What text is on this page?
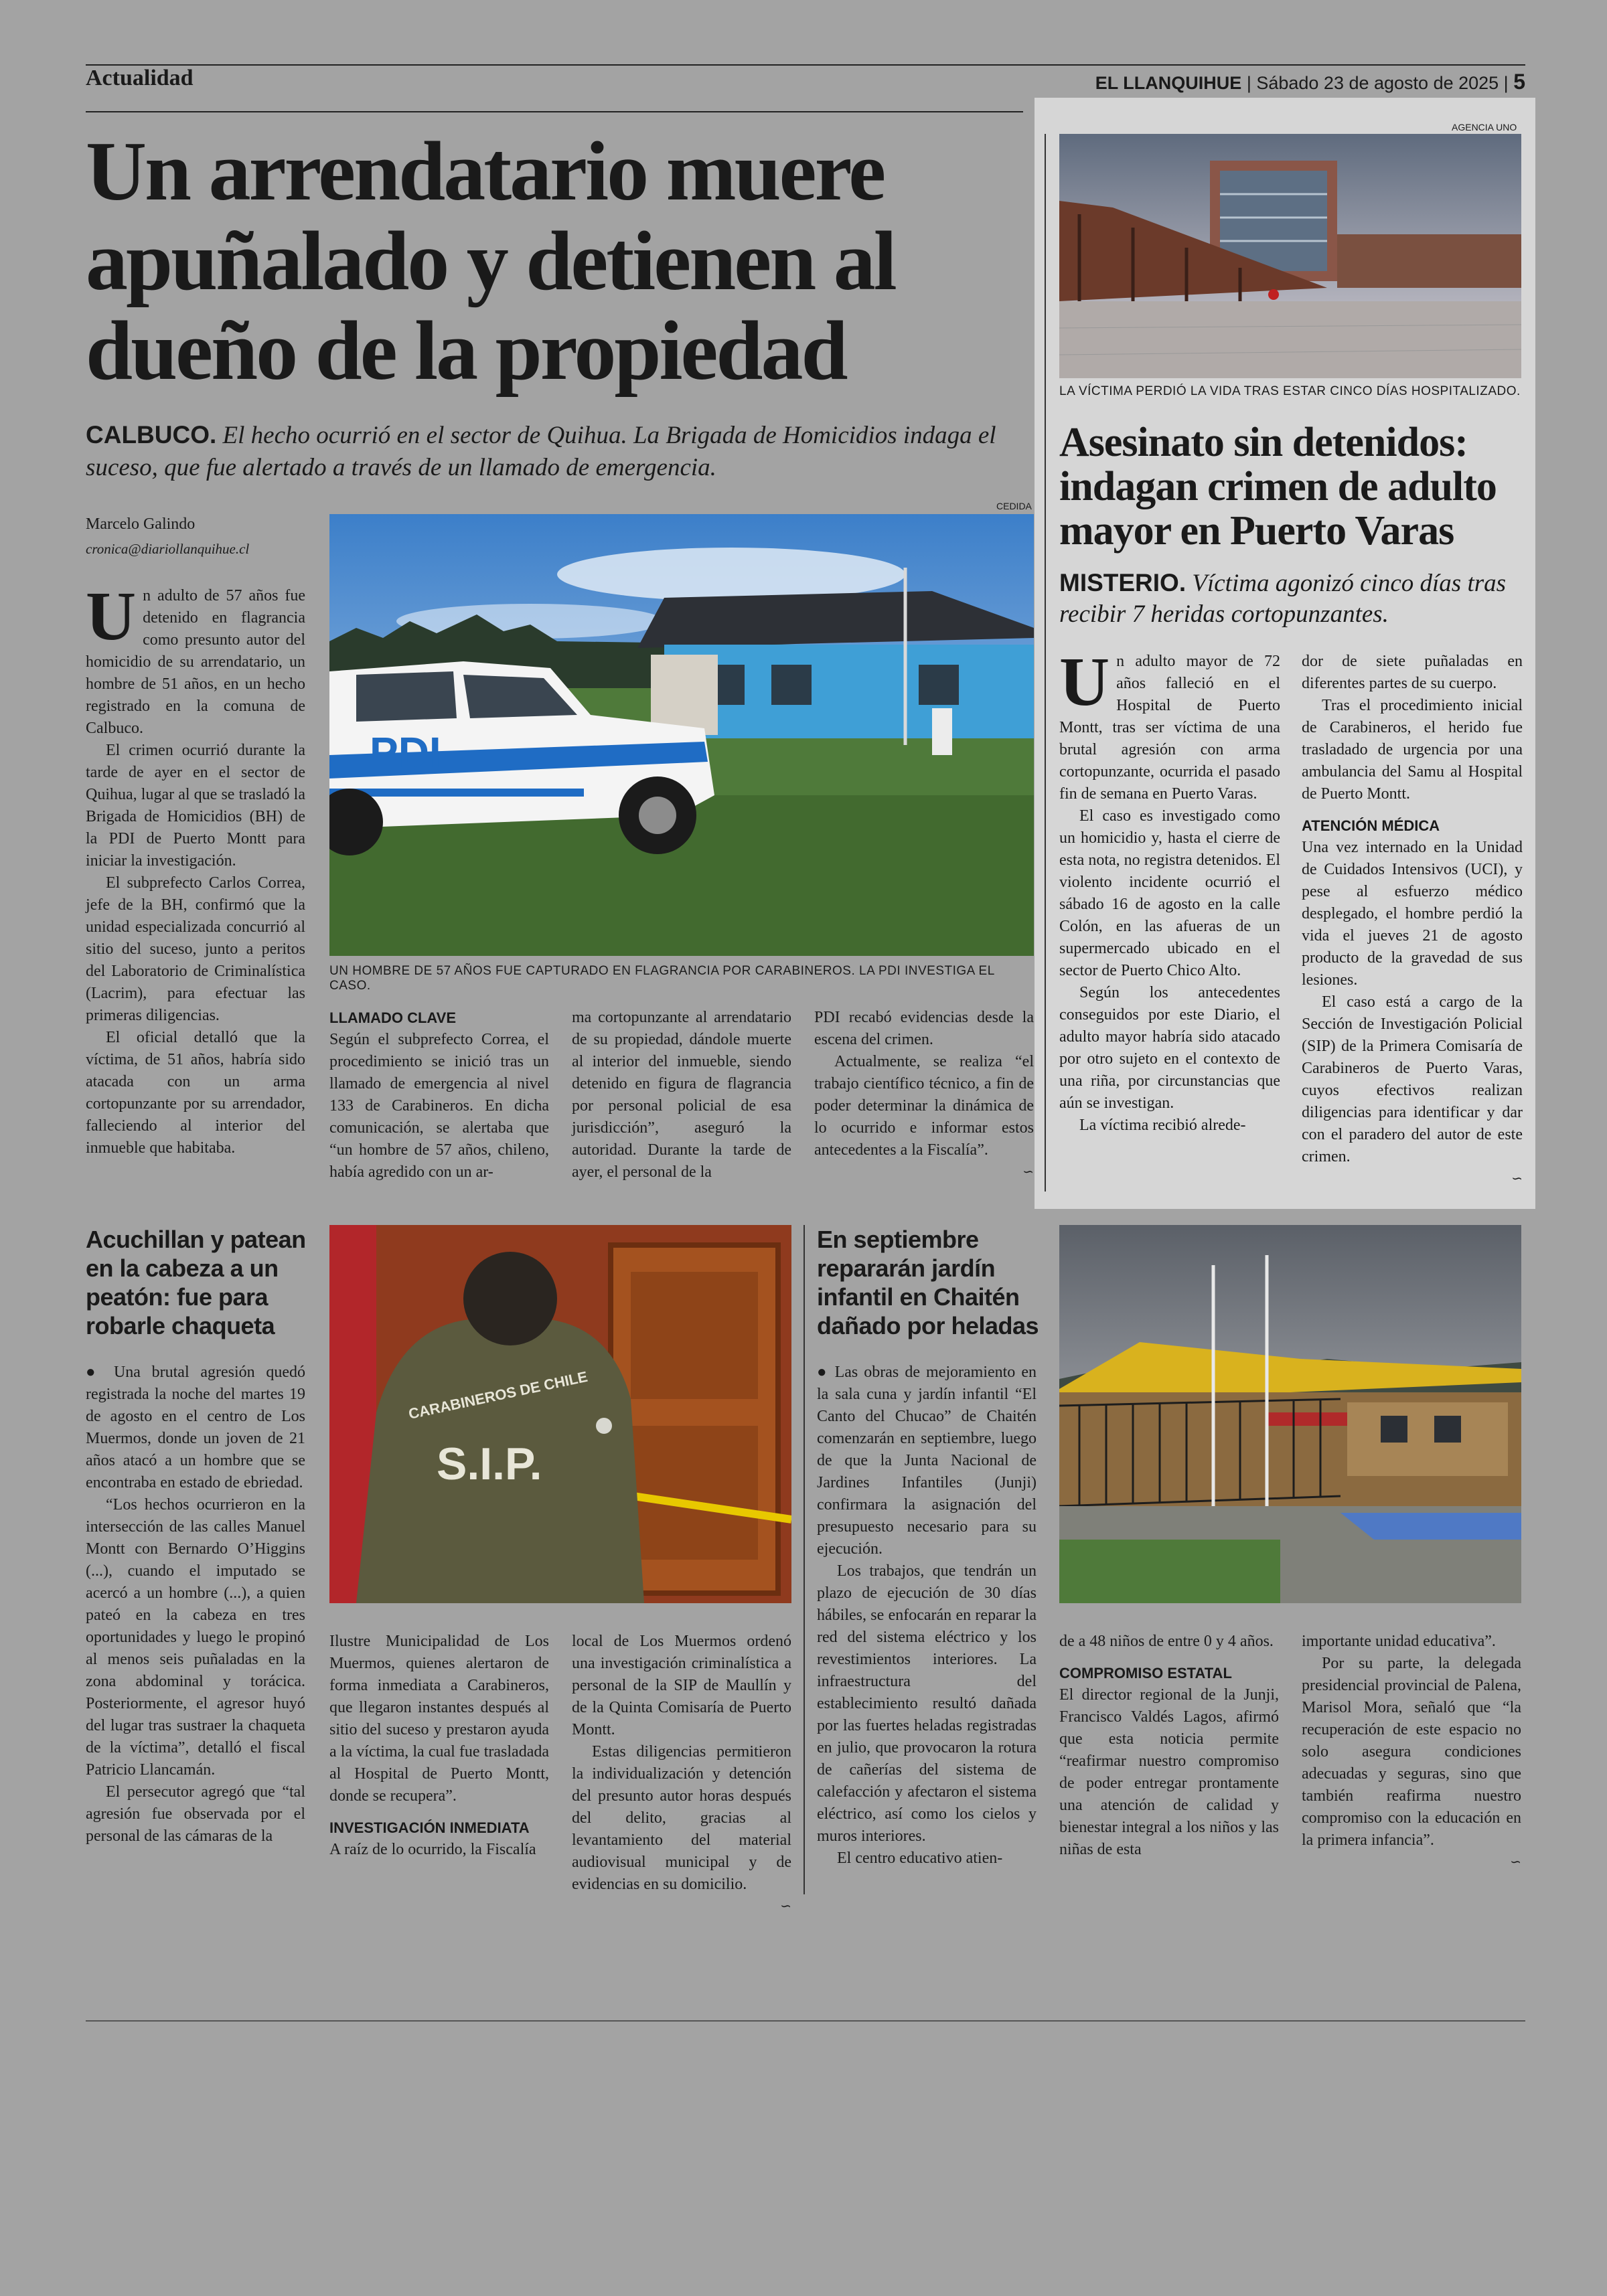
Actualidad	EL LLANQUIHUE | Sábado 23 de agosto de 2025 | 5
Un arrendatario muere apuñalado y detienen al dueño de la propiedad
CALBUCO. El hecho ocurrió en el sector de Quihua. La Brigada de Homicidios indaga el suceso, que fue alertado a través de un llamado de emergencia.
Marcelo Galindo
cronica@diariollanquihue.cl
CEDIDA
PDI
UN HOMBRE DE 57 AÑOS FUE CAPTURADO EN FLAGRANCIA POR CARABINEROS. LA PDI INVESTIGA EL CASO.

Un adulto de 57 años fue detenido en flagrancia como presunto autor del homicidio de su arrendatario, un hombre de 51 años, en un hecho registrado en la comuna de Calbuco.

El crimen ocurrió durante la tarde de ayer en el sector de Quihua, lugar al que se trasladó la Brigada de Homicidios (BH) de la PDI de Puerto Montt para iniciar la investigación.

El subprefecto Carlos Correa, jefe de la BH, confirmó que la unidad especializada concurrió al sitio del suceso, junto a peritos del Laboratorio de Criminalística (Lacrim), para efectuar las primeras diligencias.

El oficial detalló que la víctima, de 51 años, habría sido atacada con un arma cortopunzante por su arrendador, falleciendo al interior del inmueble que habitaba.

LLAMADO CLAVE

Según el subprefecto Correa, el procedimiento se inició tras un llamado de emergencia al nivel 133 de Carabineros. En dicha comunicación, se alertaba que “un hombre de 57 años, chileno, había agredido con un ar-

ma cortopunzante al arrendatario de su propiedad, dándole muerte al interior del inmueble, siendo detenido en figura de flagrancia por personal policial de esa jurisdicción”, aseguró la autoridad. Durante la tarde de ayer, el personal de la

PDI recabó evidencias desde la escena del crimen.

Actualmente, se realiza “el trabajo científico técnico, a fin de poder determinar la dinámica de lo ocurrido e informar estos antecedentes a la Fiscalía”.

∽
AGENCIA UNO
LA VÍCTIMA PERDIÓ LA VIDA TRAS ESTAR CINCO DÍAS HOSPITALIZADO.
Asesinato sin detenidos: indagan crimen de adulto mayor en Puerto Varas
MISTERIO. Víctima agonizó cinco días tras recibir 7 heridas cortopunzantes.

Un adulto mayor de 72 años falleció en el Hospital de Puerto Montt, tras ser víctima de una brutal agresión con arma cortopunzante, ocurrida el pasado fin de semana en Puerto Varas.

El caso es investigado como un homicidio y, hasta el cierre de esta nota, no registra detenidos. El violento incidente ocurrió el sábado 16 de agosto en la calle Colón, en las afueras de un supermercado ubicado en el sector de Puerto Chico Alto.

Según los antecedentes conseguidos por este Diario, el adulto mayor habría sido atacado por otro sujeto en el contexto de una riña, por circunstancias que aún se investigan.

La víctima recibió alrede-

dor de siete puñaladas en diferentes partes de su cuerpo.

Tras el procedimiento inicial de Carabineros, el herido fue trasladado de urgencia por una ambulancia del Samu al Hospital de Puerto Montt.

ATENCIÓN MÉDICA

Una vez internado en la Unidad de Cuidados Intensivos (UCI), y pese al esfuerzo médico desplegado, el hombre perdió la vida el jueves 21 de agosto producto de la gravedad de sus lesiones.

El caso está a cargo de la Sección de Investigación Policial (SIP) de la Primera Comisaría de Carabineros de Puerto Varas, cuyos efectivos realizan diligencias para identificar y dar con el paradero del autor de este crimen.

∽
Acuchillan y patean en la cabeza a un peatón: fue para robarle chaqueta
CARABINEROS DE CHILE
S.I.P.

● Una brutal agresión quedó registrada la noche del martes 19 de agosto en el centro de Los Muermos, donde un joven de 21 años atacó a un hombre que se encontraba en estado de ebriedad.

“Los hechos ocurrieron en la intersección de las calles Manuel Montt con Bernardo O’Higgins (...), cuando el imputado se acercó a un hombre (...), a quien pateó en la cabeza en tres oportunidades y luego le propinó al menos seis puñaladas en la zona abdominal y torácica. Posteriormente, el agresor huyó del lugar tras sustraer la chaqueta de la víctima”, detalló el fiscal Patricio Llancamán.

El persecutor agregó que “tal agresión fue observada por el personal de las cámaras de la

Ilustre Municipalidad de Los Muermos, quienes alertaron de forma inmediata a Carabineros, que llegaron instantes después al sitio del suceso y prestaron ayuda a la víctima, la cual fue trasladada al Hospital de Puerto Montt, donde se recupera”.

INVESTIGACIÓN INMEDIATA

A raíz de lo ocurrido, la Fiscalía

local de Los Muermos ordenó una investigación criminalística a personal de la SIP de Maullín y de la Quinta Comisaría de Puerto Montt.

Estas diligencias permitieron la individualización y detención del presunto autor horas después del delito, gracias al levantamiento del material audiovisual municipal y de evidencias en su domicilio.

∽
En septiembre repararán jardín infantil en Chaitén dañado por heladas

● Las obras de mejoramiento en la sala cuna y jardín infantil “El Canto del Chucao” de Chaitén comenzarán en septiembre, luego de que la Junta Nacional de Jardines Infantiles (Junji) confirmara la asignación del presupuesto necesario para su ejecución.

Los trabajos, que tendrán un plazo de ejecución de 30 días hábiles, se enfocarán en reparar la red del sistema eléctrico y los revestimientos interiores. La infraestructura del establecimiento resultó dañada por las fuertes heladas registradas en julio, que provocaron la rotura de cañerías del sistema de calefacción y afectaron el sistema eléctrico, así como los cielos y muros interiores.

El centro educativo atien-

de a 48 niños de entre 0 y 4 años.

COMPROMISO ESTATAL

El director regional de la Junji, Francisco Valdés Lagos, afirmó que esta noticia permite “reafirmar nuestro compromiso de poder entregar prontamente una atención de calidad y bienestar integral a los niños y las niñas de esta

importante unidad educativa”.

Por su parte, la delegada presidencial provincial de Palena, Marisol Mora, señaló que “la recuperación de este espacio no solo asegura condiciones adecuadas y seguras, sino que también reafirma nuestro compromiso con la educación en la primera infancia”.

∽
